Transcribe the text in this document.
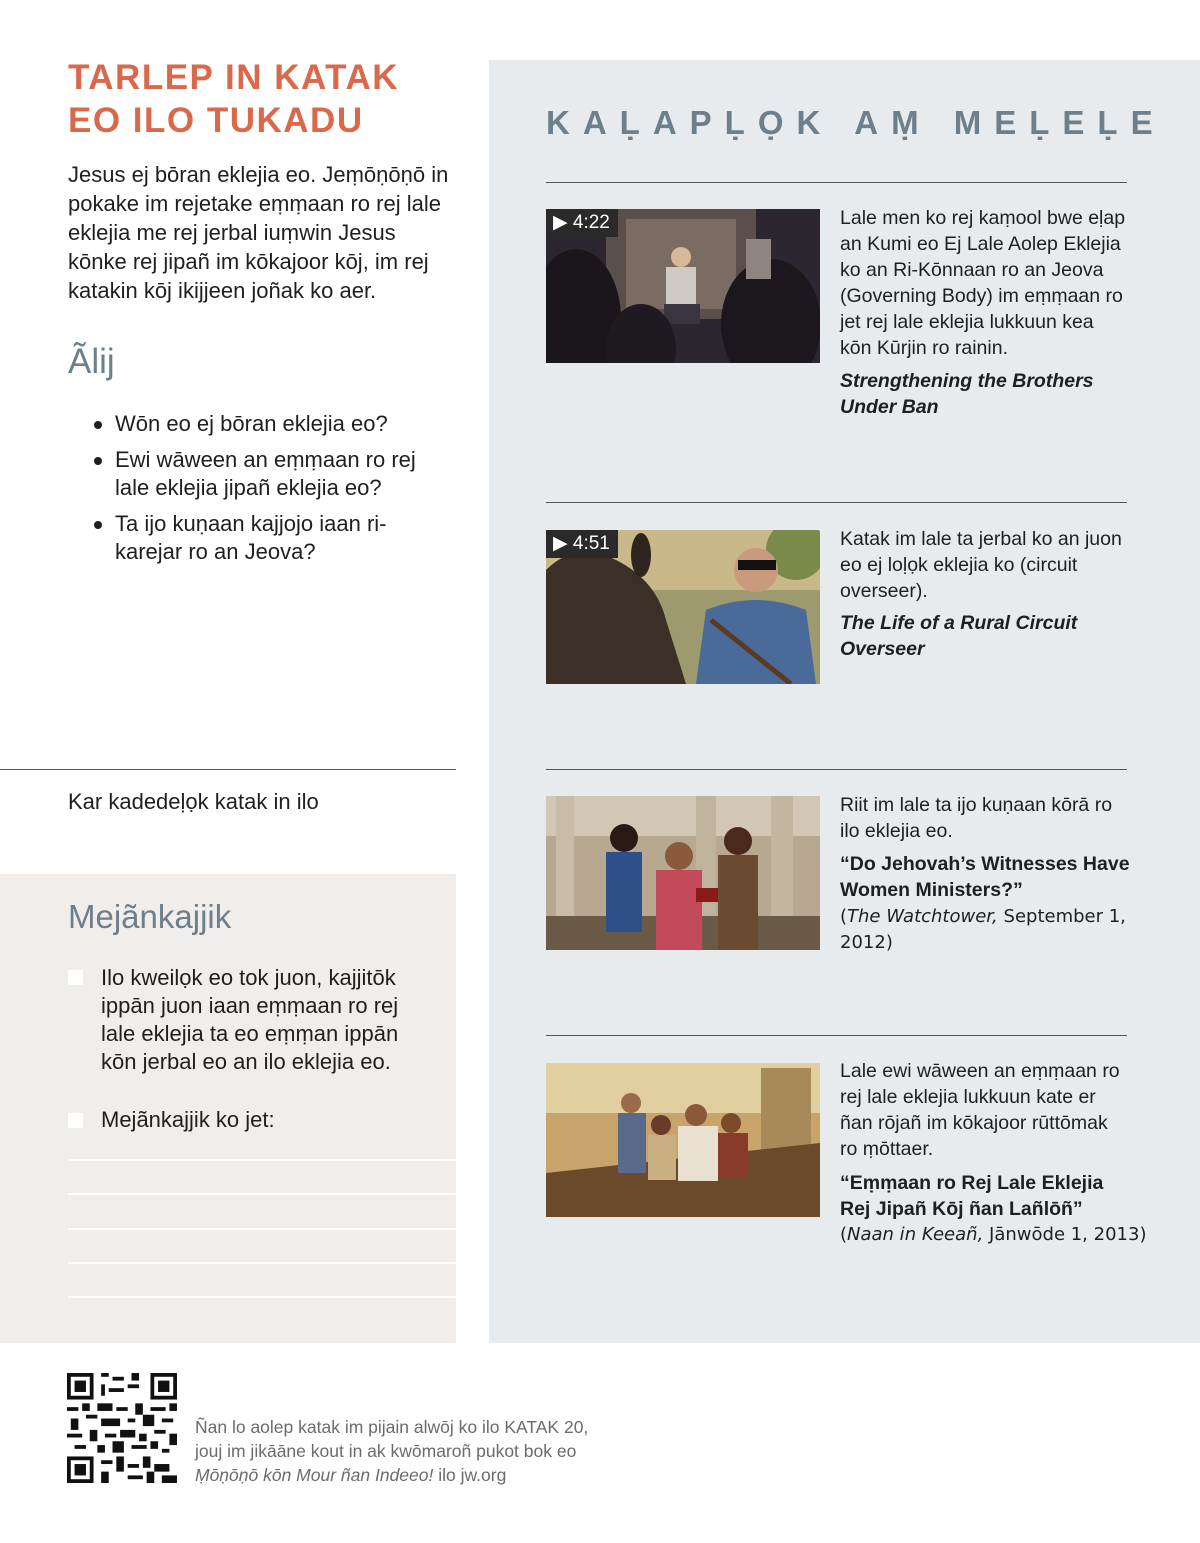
TARLEP IN KATAK
EO ILO TUKADU

Jesus ej bōran eklejia eo. Jeṃōṇōṇō in pokake im rejetake eṃṃaan ro rej lale eklejia me rej jerbal iuṃwin Jesus kōnke rej jipañ im kōkajoor kōj, im rej katakin kōj ikijjeen joñak ko aer.

Ãlij
Wōn eo ej bōran eklejia eo?
Ewi wāween an eṃṃaan ro rej lale eklejia jipañ eklejia eo?
Ta ijo kuṇaan kajjojo iaan ri-karejar ro an Jeova?

Kar kadedeḷọk katak in ilo

Mejãnkajjik

Ilo kweilọk eo tok juon, kajjitōk ippān juon iaan eṃṃaan ro rej lale eklejia ta eo eṃṃan ippān kōn jerbal eo an ilo eklejia eo.

Mejãnkajjik ko jet:

KAḶAPḶỌK AṂ MEḶEḶE
▶ 4:22	Lale men ko rej kaṃool bwe eḷap an Kumi eo Ej Lale Aolep Eklejia ko an Ri-Kōnnaan ro an Jeova (Governing Body) im eṃṃaan ro jet rej lale eklejia lukkuun kea kōn Kūrjin ro rainin.

Strengthening the Brothers Under Ban

▶ 4:51	Katak im lale ta jerbal ko an juon eo ej loḷọk eklejia ko (circuit overseer).

The Life of a Rural Circuit Overseer

Riit im lale ta ijo kuṇaan kōrā ro ilo eklejia eo.

“Do Jehovah’s Witnesses Have Women Ministers?”

(The Watchtower, September 1, 2012)

Lale ewi wāween an eṃṃaan ro rej lale eklejia lukkuun kate er ñan rōjañ im kōkajoor rūttōmak ro ṃōttaer.

“Eṃṃaan ro Rej Lale Eklejia Rej Jipañ Kōj ñan Lañlōñ”

(Naan in Keeañ, Jānwōde 1, 2013)

Ñan lo aolep katak im pijain alwōj ko ilo KATAK 20,
jouj im jikāāne kout in ak kwōmaroñ pukot bok eo
Ṃōṇōṇō kōn Mour ñan Indeeo! ilo jw.org
